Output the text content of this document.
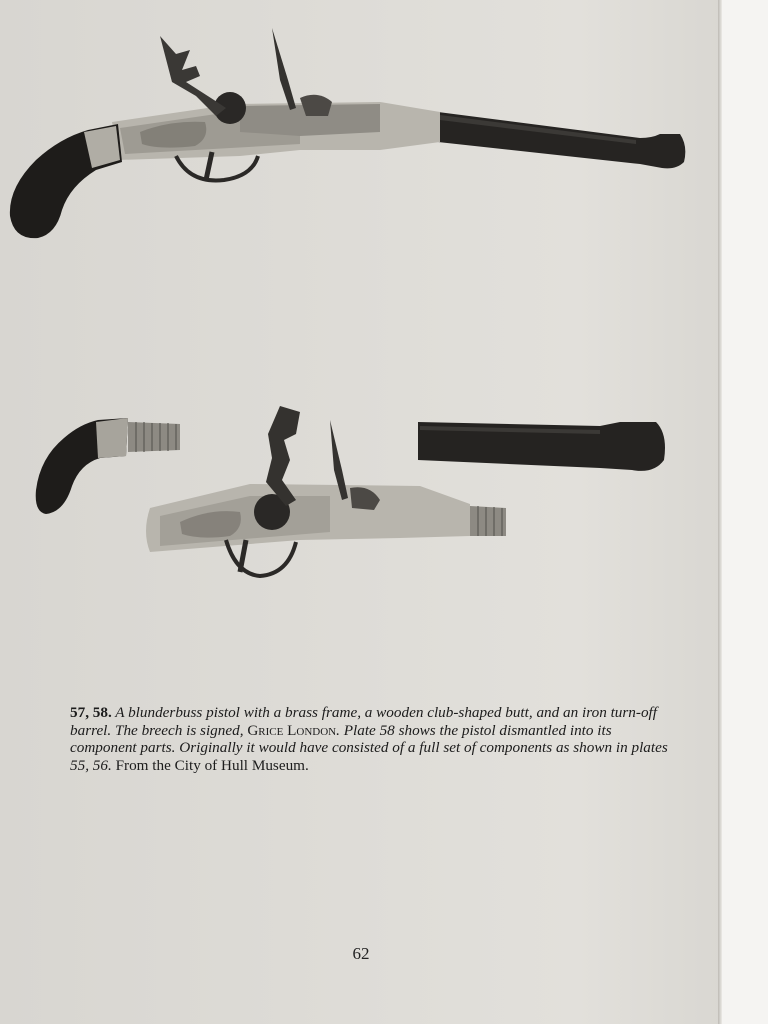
57, 58. A blunderbuss pistol with a brass frame, a wooden club-shaped butt, and an iron turn-off barrel. The breech is signed, Grice London. Plate 58 shows the pistol dismantled into its component parts. Originally it would have consisted of a full set of components as shown in plates 55, 56. From the City of Hull Museum.
62
